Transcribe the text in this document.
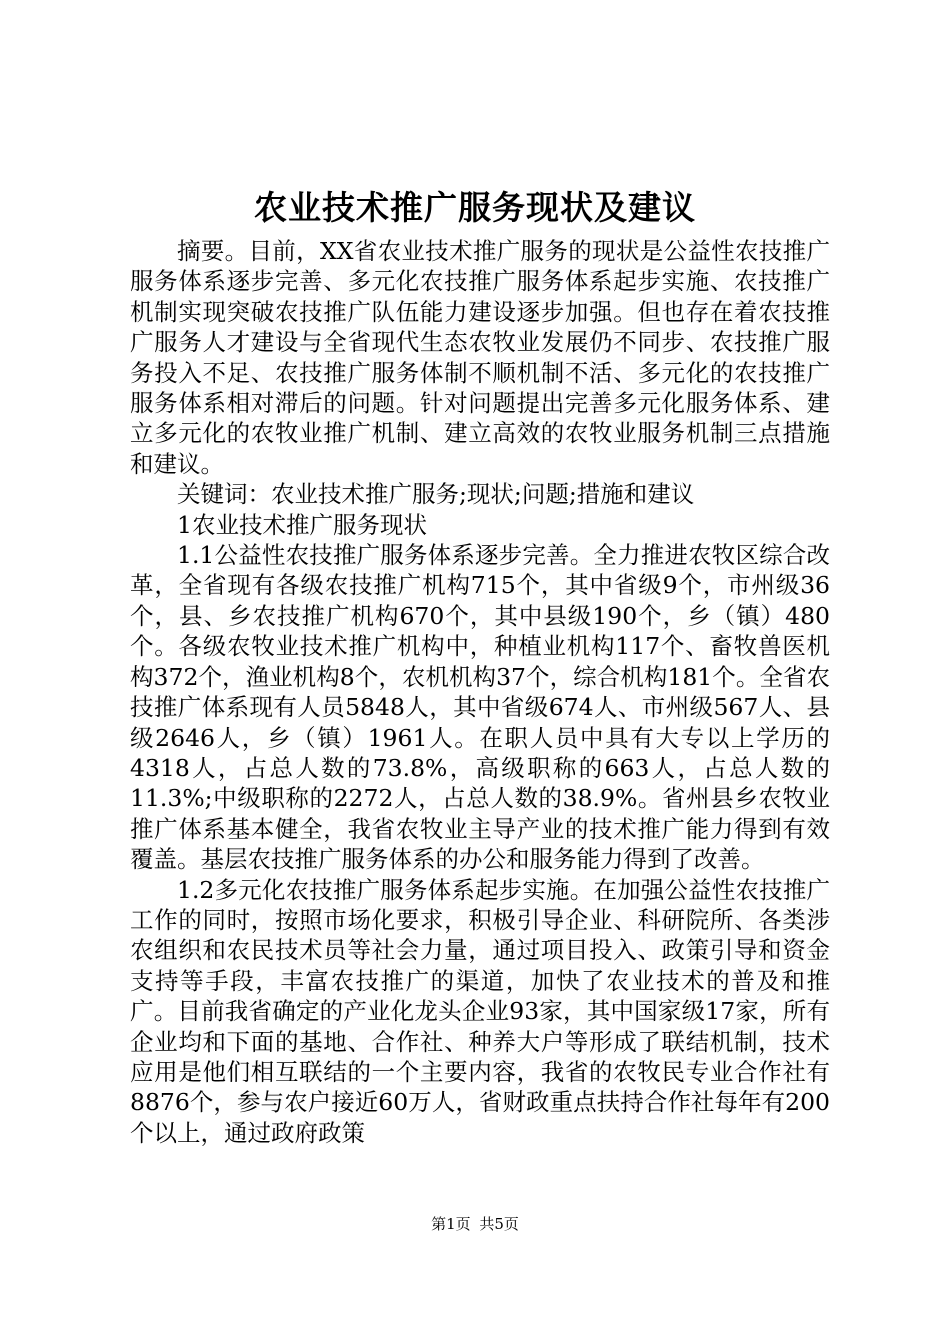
农业技术推广服务现状及建议

摘要。目前，XX省农业技术推广服务的现状是公益性农技推广服务体系逐步完善、多元化农技推广服务体系起步实施、农技推广机制实现突破农技推广队伍能力建设逐步加强。但也存在着农技推广服务人才建设与全省现代生态农牧业发展仍不同步、农技推广服务投入不足、农技推广服务体制不顺机制不活、多元化的农技推广服务体系相对滞后的问题。针对问题提出完善多元化服务体系、建立多元化的农牧业推广机制、建立高效的农牧业服务机制三点措施和建议。

关键词：农业技术推广服务;现状;问题;措施和建议

1农业技术推广服务现状

1.1公益性农技推广服务体系逐步完善。全力推进农牧区综合改革，全省现有各级农技推广机构715个，其中省级9个，市州级36个，县、乡农技推广机构670个，其中县级190个，乡（镇）480个。各级农牧业技术推广机构中，种植业机构117个、畜牧兽医机构372个，渔业机构8个，农机机构37个，综合机构181个。全省农技推广体系现有人员5848人，其中省级674人、市州级567人、县级2646人，乡（镇）1961人。在职人员中具有大专以上学历的4318人，占总人数的73.8%，高级职称的663人，占总人数的11.3%;中级职称的2272人，占总人数的38.9%。省州县乡农牧业推广体系基本健全，我省农牧业主导产业的技术推广能力得到有效覆盖。基层农技推广服务体系的办公和服务能力得到了改善。

1.2多元化农技推广服务体系起步实施。在加强公益性农技推广工作的同时，按照市场化要求，积极引导企业、科研院所、各类涉农组织和农民技术员等社会力量，通过项目投入、政策引导和资金支持等手段，丰富农技推广的渠道，加快了农业技术的普及和推广。目前我省确定的产业化龙头企业93家，其中国家级17家，所有企业均和下面的基地、合作社、种养大户等形成了联结机制，技术应用是他们相互联结的一个主要内容，我省的农牧民专业合作社有8876个，参与农户接近60万人，省财政重点扶持合作社每年有200个以上，通过政府政策

第1页 共5页
